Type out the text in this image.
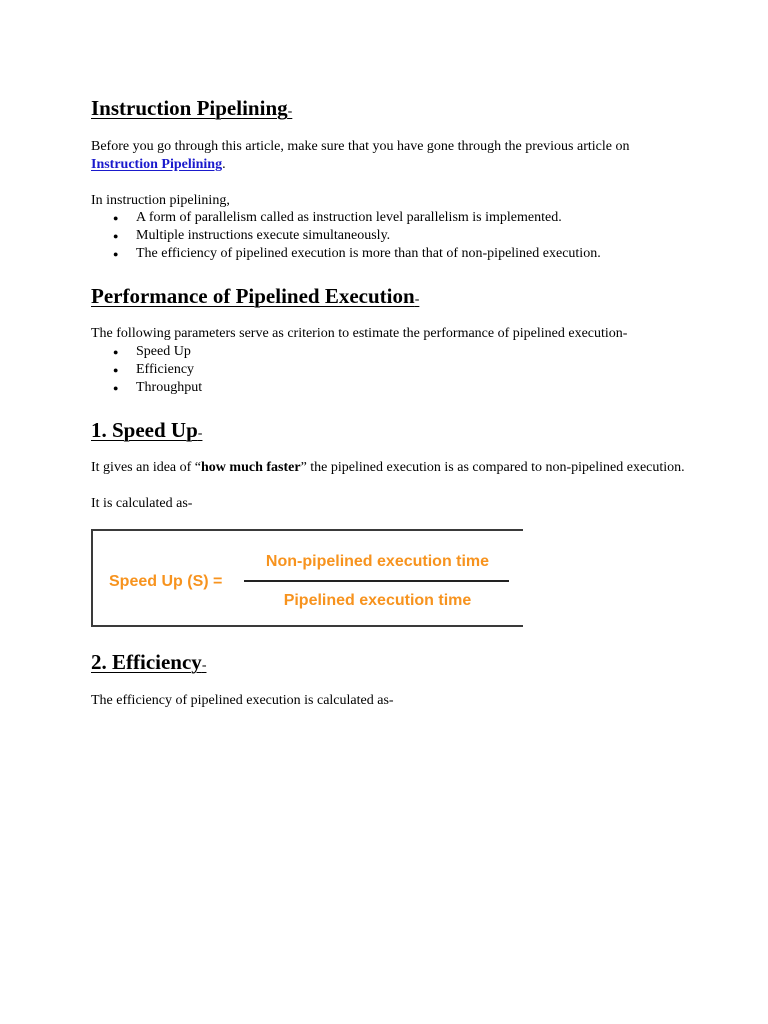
Instruction Pipelining-

Before you go through this article, make sure that you have gone through the previous article on Instruction Pipelining.

In instruction pipelining,

● A form of parallelism called as instruction level parallelism is implemented.
● Multiple instructions execute simultaneously.
● The efficiency of pipelined execution is more than that of non-pipelined execution.
Performance of Pipelined Execution-

The following parameters serve as criterion to estimate the performance of pipelined execution-

● Speed Up
● Efficiency
● Throughput
1. Speed Up-

It gives an idea of “how much faster” the pipelined execution is as compared to non-pipelined execution.

It is calculated as-

Speed Up (S) =
Non-pipelined execution time
Pipelined execution time
2. Efficiency-

The efficiency of pipelined execution is calculated as-
